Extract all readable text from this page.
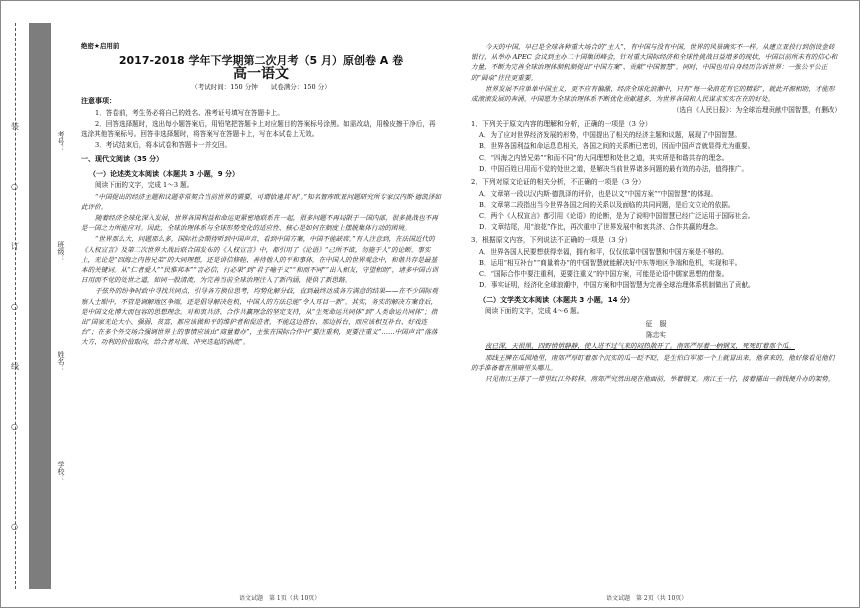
装
订
线
○
○
○
○
学校：
姓名：
班级：
考号：
绝密★启用前
2017-2018 学年下学期第二次月考（5 月）原创卷 A 卷
高一语文
（考试时间：150 分钟　　试卷满分：150 分）
注意事项：
1．答卷前，考生务必将自己的姓名、准考证号填写在答题卡上。
2．回答选择题时，选出每小题答案后，用铅笔把答题卡上对应题目的答案标号涂黑。如需改动，用橡皮擦干净后，再选涂其他答案标号。回答非选择题时，将答案写在答题卡上，写在本试卷上无效。
3．考试结束后，将本试卷和答题卡一并交回。
一、现代文阅读（35 分）
（一）论述类文本阅读（本题共 3 小题，9 分）
阅读下面的文字，完成 1～3 题。
“中国提出的经济主题和议题非常契合当前世界的需要，可谓恰逢其‘时’。”知名智库欧亚问题研究所专家汉内斯·德凯泽如此评价。
随着经济全球化深入发展，世界各国利益和命运更紧密地联系在一起，很多问题不再局限于一国内部，很多挑战也不再是一国之力所能应对。因此，全球治理体系与全球形势变化的适应性、核心是如何在制度上摆脱集体行动的困境。
“世界那么大，问题那么多，国际社会期待听到中国声音、看到中国方案，中国不能缺席。”有人注意到，在法国近代的《人权宣言》及第二次世界大战后联合国发布的《人权宣言》中，都引用了《论语》“己所不欲，勿施于人”的论断。事实上，无论是“四海之内皆兄弟”的大同理想，还是讲信修睦、善待他人的平和事体，在中国人的世界观念中，和谐共存是最基本的关键词。从“仁者爱人”“民惟邦本”“言必信，行必果”到“君子喻于义”“和而不同”“出入相友，守望相助”，诸多中国古训日用而不觉的处世之道，如同一股清流，为完善当前全球治理注入了新内涵，提供了新思路。
于弦外的纷争时政中寻找共同点，引导各方换位思考，均势化解分歧，直到最终达成各方满意的结果——在不少国际观察人士眼中，不管是调解地区争端，还是倡导解决危机，中国人的方法总能“令人耳目一新”。其实，务实的解决方案背后，是中国文化博大而包容的思想理念。对和衷共济、合作共赢理念的坚定支持，从“生死命运共同体”到“人类命运共同体”；指出“国家无论大小、强弱、贫富，都应该做和平的维护者和促进者，不能这边搭台、那边拆台，而应该相互补台、好戏连台”；在多个外交场合强调世界上的事情应该由“商量着办”，主张在国际合作中“要注重利，更要注重义”……中国声音“落落大方、功利的价值取向，给合者对战、冲突迭起的涡流”。
今天的中国，早已是全球各种重大场合的“主人”，有中国与没有中国，世界的风景确实不一样。从建立亚投行到创设金砖银行，从举办 APEC 会议到主办二十国集团峰会，针对重大国际经济和全球性挑战日益增多的现状，中国以前所未有的信心和力量，不断为完善全球治理体制机制提出“中国方案”、贡献“中国智慧”。同时，中国也用自身经历告诉世界：一张公平公正的“圆桌”往往更重要。
世界发展不应单单中国主义，更不应有偏激，经济全球化浪潮中，只有“每一朵浪花有它的精彩”，就此开源相助，才能形成滚滚发展的奔涌。中国愿为全球治理体系不断优化贡献越多，为世界各国和人民谋求实实在在的好处。
（选自《人民日报》：为全球治理贡献中国智慧，有删改）
1．下列关于原文内容的理解和分析，正确的一项是（3 分）
A．为了应对世界经济发展的形势，中国提出了相关的经济主题和议题，展现了中国智慧。
B．世界各国利益和命运息息相关，各国之间的关系断已密切，因而中国声音就显得尤为重要。
C．“四海之内皆兄弟”“和而不同”的大同理想和处世之道，其实所是和谐共存的理念。
D．中国百姓日用而不觉的处世之道，是解决当前世界诸多问题的最有效的办法，值得推广。
2．下列对原文论证的相关分析，不正确的一项是（3 分）
A．文章第一段以汉内斯·德凯泽的评价，也是以文“中国方案”“中国智慧”的体现。
B．文章第二段指出当今世界各国之间的关系以及面临的共同问题，是后文立论的依据。
C．两个《人权宣言》都引用《论语》的论断，是为了说明中国智慧已经广泛运用于国际社会。
D．文章结尾，用“浪花”作比，再次重申了世界发展中和衷共济、合作共赢的理念。
3．根据原文内容，下列说法不正确的一项是（3 分）
A．世界各国人民要想获得幸福，拥有和平，仅仅依靠中国智慧和中国方案是不够的。
B．运用“相互补台”“商量着办”的中国智慧就能解决好中东等地区争端和危机，实现和平。
C．“国际合作中要注重利，更要注重义”的中国方案，可能是论语中儒家思想的借鉴。
D．事实证明，经济化全球浪潮中，中国方案和中国智慧为完善全球治理体系机制做出了贡献。
（二）文学类文本阅读（本题共 3 小题，14 分）
阅读下面的文字，完成 4～6 题。
征　服
陈忠实
夜已深，天很黑，四野悄悄静静，使人进不过气来的闷热散开了。南郊严厚着一柄钢叉，死死盯着那个瓜。
那线王牌在瓜园地里，南郊严厚盯着那个沉实的瓜一眨不眨，是生怕白军那一个上就冒出来。他拿来的，他好像看见他们的手准备着在黑暗里头哪儿。
只见南江王排了一带里红江外转移。南郊严究然出现在他面前，举着钢叉。南江王一拧，接着擂出一刹钱便升办的架势。
语文试题　第 1页（共 10页）	语文试题　第 2页（共 10页）
